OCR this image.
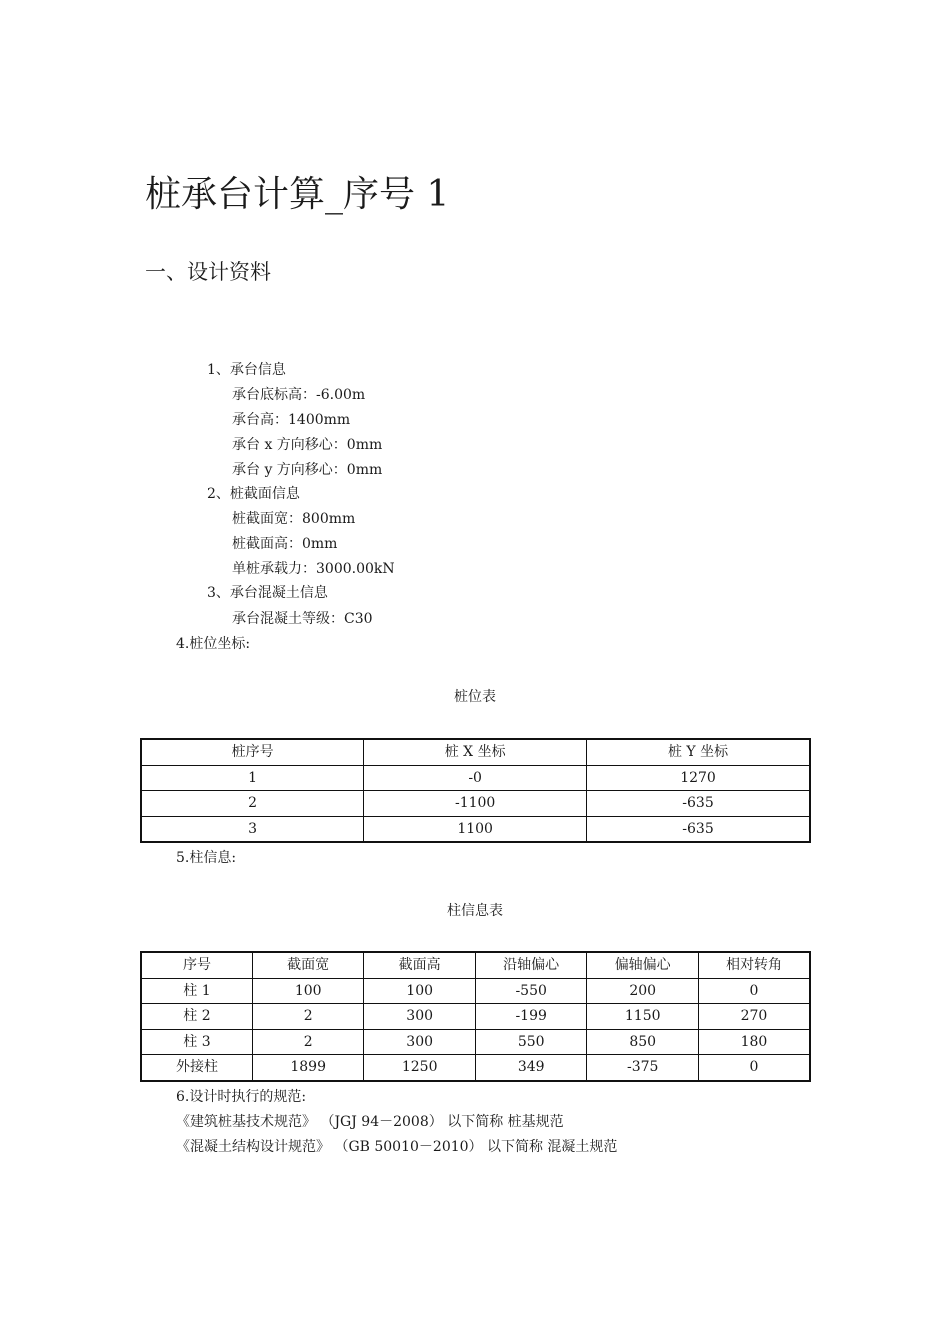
桩承台计算_序号 1
一、设计资料
1、承台信息
承台底标高：-6.00m
承台高：1400mm
承台 x 方向移心：0mm
承台 y 方向移心：0mm
2、桩截面信息
桩截面宽：800mm
桩截面高：0mm
单桩承载力：3000.00kN
3、承台混凝土信息
承台混凝土等级：C30
4.桩位坐标:
桩位表
桩序号	桩 X 坐标	桩 Y 坐标
1	-0	1270
2	-1100	-635
3	1100	-635
5.柱信息:
柱信息表
序号	截面宽	截面高	沿轴偏心	偏轴偏心	相对转角
柱 1	100	100	-550	200	0
柱 2	2	300	-199	1150	270
柱 3	2	300	550	850	180
外接柱	1899	1250	349	-375	0
6.设计时执行的规范:
《建筑桩基技术规范》 （JGJ 94－2008） 以下简称 桩基规范
《混凝土结构设计规范》 （GB 50010－2010） 以下简称 混凝土规范
